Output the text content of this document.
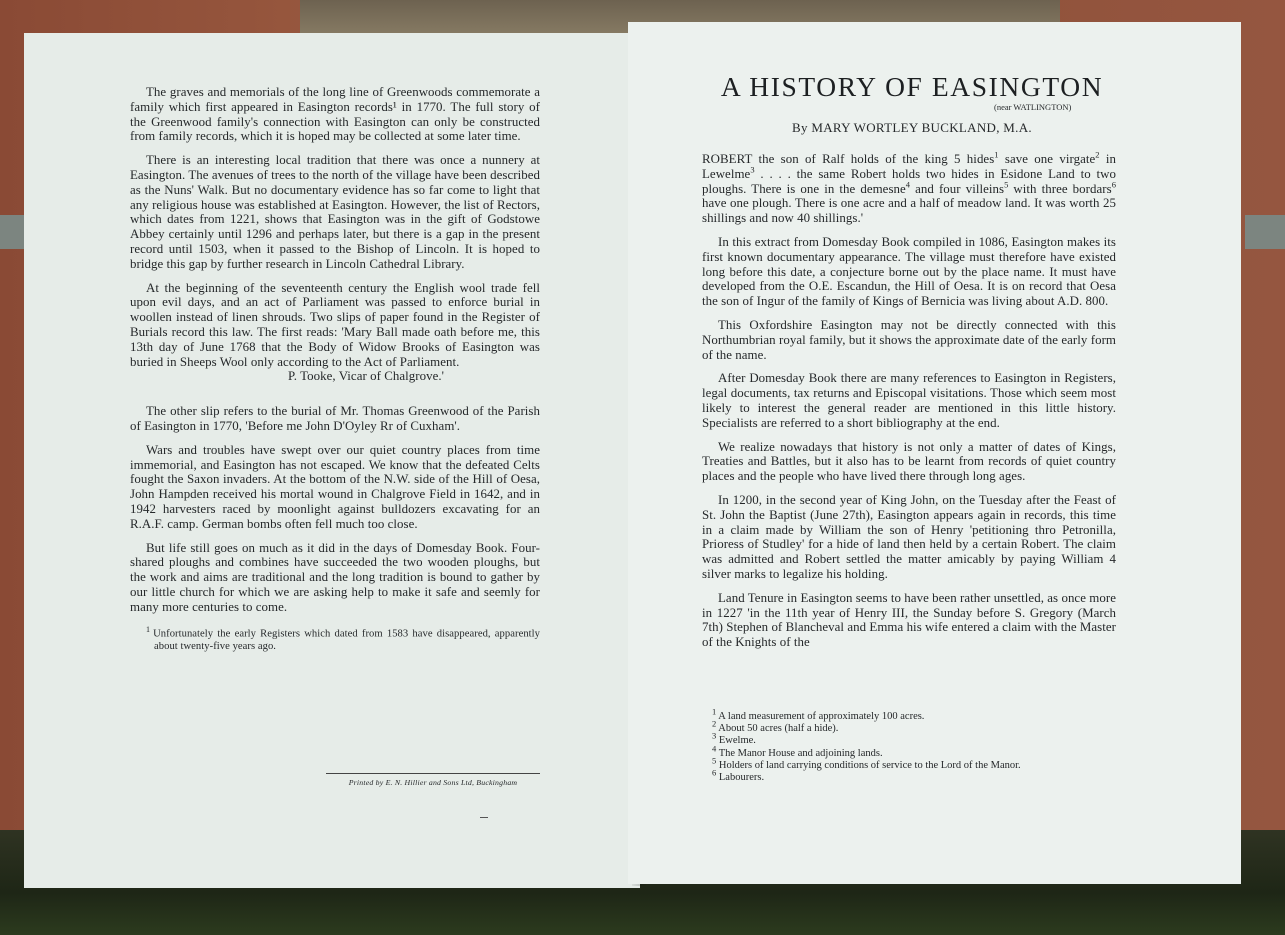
The graves and memorials of the long line of Greenwoods commemorate a family which first appeared in Easington records¹ in 1770. The full story of the Greenwood family's connection with Easington can only be constructed from family records, which it is hoped may be collected at some later time.

There is an interesting local tradition that there was once a nunnery at Easington. The avenues of trees to the north of the village have been described as the Nuns' Walk. But no documentary evidence has so far come to light that any religious house was established at Easington. However, the list of Rectors, which dates from 1221, shows that Easington was in the gift of Godstowe Abbey certainly until 1296 and perhaps later, but there is a gap in the present record until 1503, when it passed to the Bishop of Lincoln. It is hoped to bridge this gap by further research in Lincoln Cathedral Library.

At the beginning of the seventeenth century the English wool trade fell upon evil days, and an act of Parliament was passed to enforce burial in woollen instead of linen shrouds. Two slips of paper found in the Register of Burials record this law. The first reads: 'Mary Ball made oath before me, this 13th day of June 1768 that the Body of Widow Brooks of Easington was buried in Sheeps Wool only according to the Act of Parliament.

P. Tooke, Vicar of Chalgrove.'

The other slip refers to the burial of Mr. Thomas Greenwood of the Parish of Easington in 1770, 'Before me John D'Oyley Rr of Cuxham'.

Wars and troubles have swept over our quiet country places from time immemorial, and Easington has not escaped. We know that the defeated Celts fought the Saxon invaders. At the bottom of the N.W. side of the Hill of Oesa, John Hampden received his mortal wound in Chalgrove Field in 1642, and in 1942 harvesters raced by moonlight against bulldozers excavating for an R.A.F. camp. German bombs often fell much too close.

But life still goes on much as it did in the days of Domesday Book. Four-shared ploughs and combines have succeeded the two wooden ploughs, but the work and aims are traditional and the long tradition is bound to gather by our little church for which we are asking help to make it safe and seemly for many more centuries to come.

$^1$ Unfortunately the early Registers which dated from 1583 have disappeared, apparently about twenty-five years ago.
Printed by E. N. Hillier and Sons Ltd, Buckingham
A HISTORY OF EASINGTON
(near WATLINGTON)
By MARY WORTLEY BUCKLAND, M.A.

ROBERT the son of Ralf holds of the king 5 hides$^1$ save one virgate$^2$ in Lewelme$^3$ . . . . the same Robert holds two hides in Esidone Land to two ploughs. There is one in the demesne$^4$ and four villeins$^5$ with three bordars$^6$ have one plough. There is one acre and a half of meadow land. It was worth 25 shillings and now 40 shillings.'

In this extract from Domesday Book compiled in 1086, Easington makes its first known documentary appearance. The village must therefore have existed long before this date, a conjecture borne out by the place name. It must have developed from the O.E. Escandun, the Hill of Oesa. It is on record that Oesa the son of Ingur of the family of Kings of Bernicia was living about A.D. 800.

This Oxfordshire Easington may not be directly connected with this Northumbrian royal family, but it shows the approximate date of the early form of the name.

After Domesday Book there are many references to Easington in Registers, legal documents, tax returns and Episcopal visitations. Those which seem most likely to interest the general reader are mentioned in this little history. Specialists are referred to a short bibliography at the end.

We realize nowadays that history is not only a matter of dates of Kings, Treaties and Battles, but it also has to be learnt from records of quiet country places and the people who have lived there through long ages.

In 1200, in the second year of King John, on the Tuesday after the Feast of St. John the Baptist (June 27th), Easington appears again in records, this time in a claim made by William the son of Henry 'petitioning thro Petronilla, Prioress of Studley' for a hide of land then held by a certain Robert. The claim was admitted and Robert settled the matter amicably by paying William 4 silver marks to legalize his holding.

Land Tenure in Easington seems to have been rather unsettled, as once more in 1227 'in the 11th year of Henry III, the Sunday before S. Gregory (March 7th) Stephen of Blancheval and Emma his wife entered a claim with the Master of the Knights of the

$^1$ A land measurement of approximately 100 acres.
$^2$ About 50 acres (half a hide).
$^3$ Ewelme.
$^4$ The Manor House and adjoining lands.
$^5$ Holders of land carrying conditions of service to the Lord of the Manor.
$^6$ Labourers.
